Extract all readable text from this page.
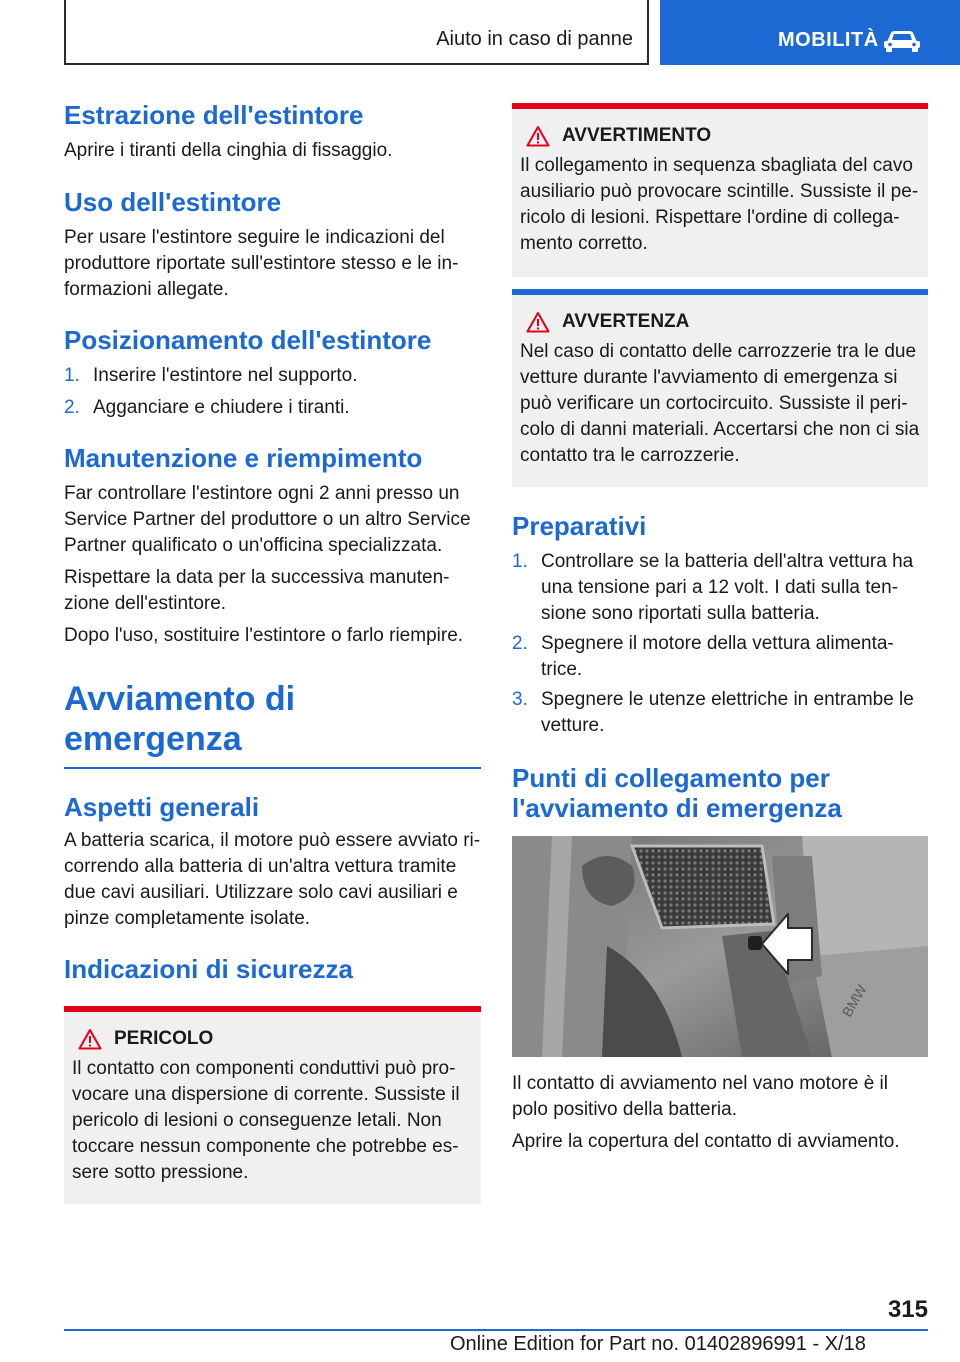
Aiuto in caso di panne	MOBILITÀ
Estrazione dell'estintore

Aprire i tiranti della cinghia di fissaggio.

Uso dell'estintore

Per usare l'estintore seguire le indicazioni del produttore riportate sull'estintore stesso e le informazioni allegate.

Posizionamento dell'estintore
1. Inserire l'estintore nel supporto.
2. Agganciare e chiudere i tiranti.
Manutenzione e riempimento

Far controllare l'estintore ogni 2 anni presso un Service Partner del produttore o un altro Service Partner qualificato o un'officina specializzata.

Rispettare la data per la successiva manutenzione dell'estintore.

Dopo l'uso, sostituire l'estintore o farlo riempire.

Avviamento di emergenza
Aspetti generali

A batteria scarica, il motore può essere avviato ricorrendo alla batteria di un'altra vettura tramite due cavi ausiliari. Utilizzare solo cavi ausiliari e pinze completamente isolate.

Indicazioni di sicurezza
PERICOLO

Il contatto con componenti conduttivi può provocare una dispersione di corrente. Sussiste il pericolo di lesioni o conseguenze letali. Non toccare nessun componente che potrebbe essere sotto pressione.

AVVERTIMENTO

Il collegamento in sequenza sbagliata del cavo ausiliario può provocare scintille. Sussiste il pericolo di lesioni. Rispettare l'ordine di collegamento corretto.

AVVERTENZA

Nel caso di contatto delle carrozzerie tra le due vetture durante l'avviamento di emergenza si può verificare un cortocircuito. Sussiste il pericolo di danni materiali. Accertarsi che non ci sia contatto tra le carrozzerie.

Preparativi
1. Controllare se la batteria dell'altra vettura ha una tensione pari a 12 volt. I dati sulla tensione sono riportati sulla batteria.
2. Spegnere il motore della vettura alimentatrice.
3. Spegnere le utenze elettriche in entrambe le vetture.
Punti di collegamento per l'avviamento di emergenza
BMW

Il contatto di avviamento nel vano motore è il polo positivo della batteria.

Aprire la copertura del contatto di avviamento.

315
Online Edition for Part no. 01402896991 - X/18
